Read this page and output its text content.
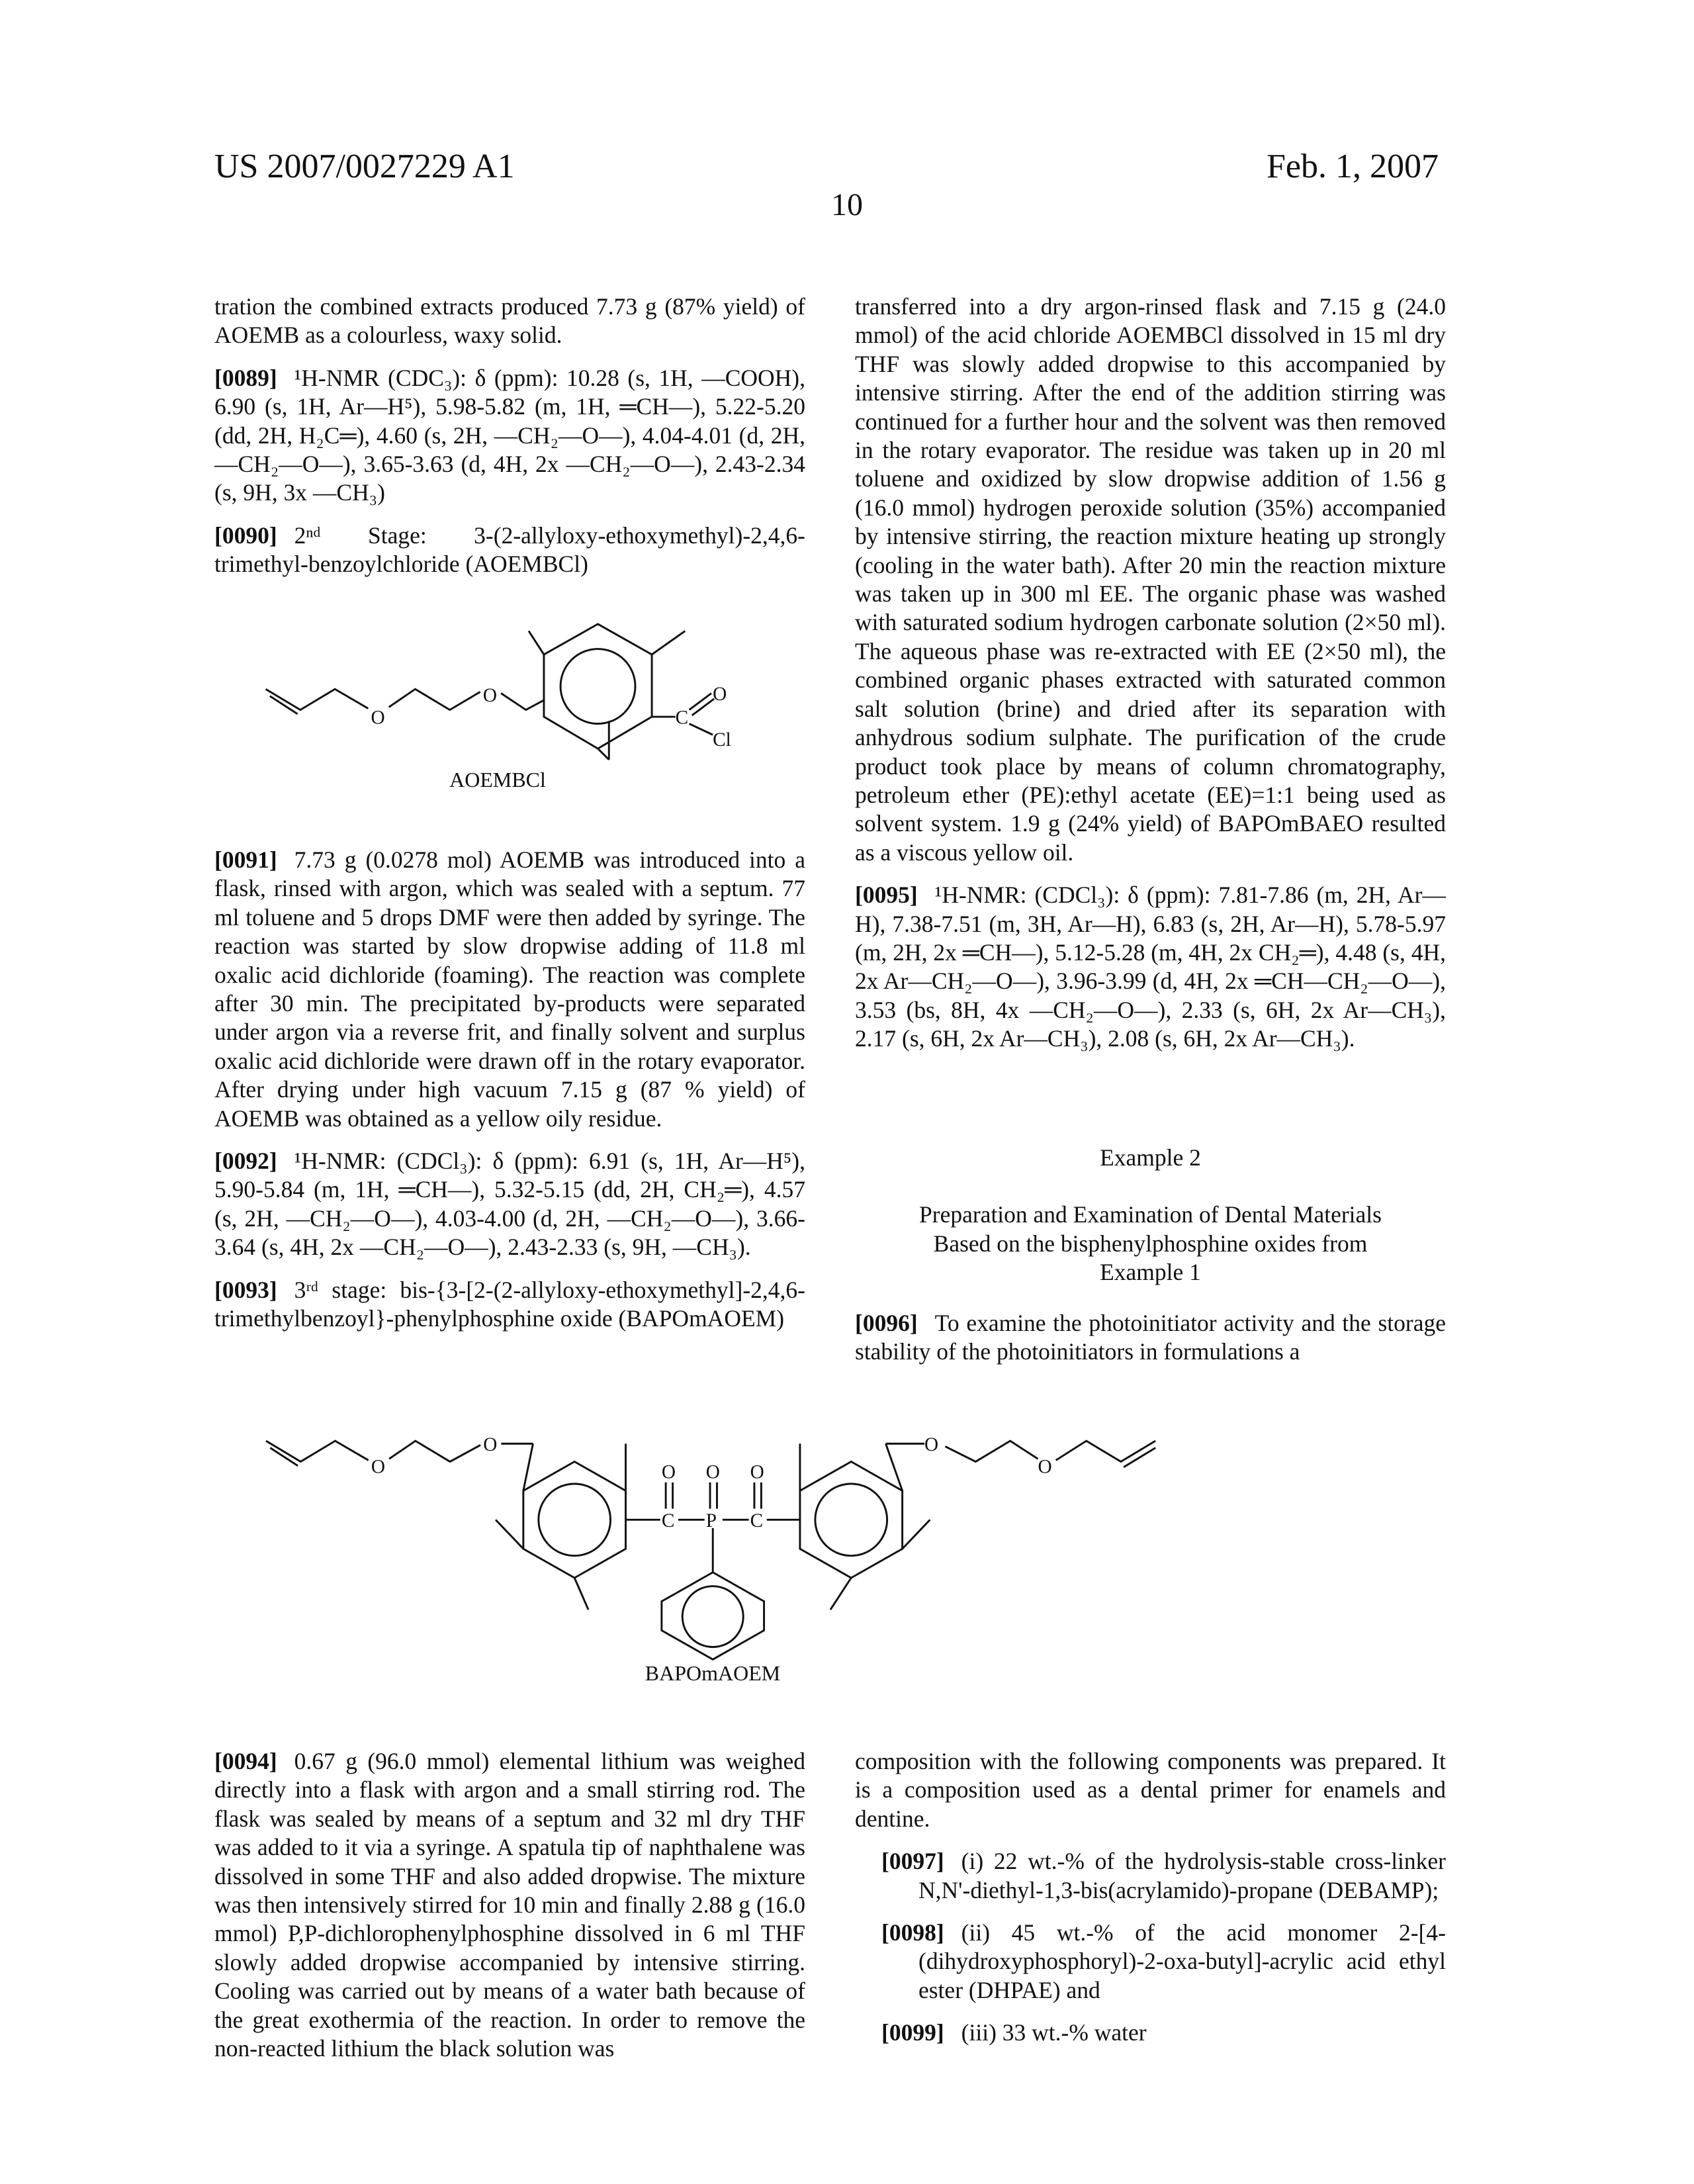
US 2007/0027229 A1	Feb. 1, 2007
10

tration the combined extracts produced 7.73 g (87% yield) of AOEMB as a colourless, waxy solid.

[0089] ¹H-NMR (CDC₃): δ (ppm): 10.28 (s, 1H, —COOH), 6.90 (s, 1H, Ar—H⁵), 5.98-5.82 (m, 1H, ═CH—), 5.22-5.20 (dd, 2H, H₂C═), 4.60 (s, 2H, —CH₂—O—), 4.04-4.01 (d, 2H, —CH₂—O—), 3.65-3.63 (d, 4H, 2x —CH₂—O—), 2.43-2.34 (s, 9H, 3x —CH₃)

[0090] 2ⁿᵈ Stage: 3-(2-allyloxy-ethoxymethyl)-2,4,6-trimethyl-benzoylchloride (AOEMBCl)

O
O
C
O
Cl
AOEMBCl

[0091] 7.73 g (0.0278 mol) AOEMB was introduced into a flask, rinsed with argon, which was sealed with a septum. 77 ml toluene and 5 drops DMF were then added by syringe. The reaction was started by slow dropwise adding of 11.8 ml oxalic acid dichloride (foaming). The reaction was complete after 30 min. The precipitated by-products were separated under argon via a reverse frit, and finally solvent and surplus oxalic acid dichloride were drawn off in the rotary evaporator. After drying under high vacuum 7.15 g (87 % yield) of AOEMB was obtained as a yellow oily residue.

[0092] ¹H-NMR: (CDCl₃): δ (ppm): 6.91 (s, 1H, Ar—H⁵), 5.90-5.84 (m, 1H, ═CH—), 5.32-5.15 (dd, 2H, CH₂═), 4.57 (s, 2H, —CH₂—O—), 4.03-4.00 (d, 2H, —CH₂—O—), 3.66-3.64 (s, 4H, 2x —CH₂—O—), 2.43-2.33 (s, 9H, —CH₃).

[0093] 3ʳᵈ stage: bis-{3-[2-(2-allyloxy-ethoxymethyl]-2,4,6-trimethylbenzoyl}-phenylphosphine oxide (BAPOmAOEM)

transferred into a dry argon-rinsed flask and 7.15 g (24.0 mmol) of the acid chloride AOEMBCl dissolved in 15 ml dry THF was slowly added dropwise to this accompanied by intensive stirring. After the end of the addition stirring was continued for a further hour and the solvent was then removed in the rotary evaporator. The residue was taken up in 20 ml toluene and oxidized by slow dropwise addition of 1.56 g (16.0 mmol) hydrogen peroxide solution (35%) accompanied by intensive stirring, the reaction mixture heating up strongly (cooling in the water bath). After 20 min the reaction mixture was taken up in 300 ml EE. The organic phase was washed with saturated sodium hydrogen carbonate solution (2×50 ml). The aqueous phase was re-extracted with EE (2×50 ml), the combined organic phases extracted with saturated common salt solution (brine) and dried after its separation with anhydrous sodium sulphate. The purification of the crude product took place by means of column chromatography, petroleum ether (PE):ethyl acetate (EE)=1:1 being used as solvent system. 1.9 g (24% yield) of BAPOmBAEO resulted as a viscous yellow oil.

[0095] ¹H-NMR: (CDCl₃): δ (ppm): 7.81-7.86 (m, 2H, Ar—H), 7.38-7.51 (m, 3H, Ar—H), 6.83 (s, 2H, Ar—H), 5.78-5.97 (m, 2H, 2x ═CH—), 5.12-5.28 (m, 4H, 2x CH₂═), 4.48 (s, 4H, 2x Ar—CH₂—O—), 3.96-3.99 (d, 4H, 2x ═CH—CH₂—O—), 3.53 (bs, 8H, 4x —CH₂—O—), 2.33 (s, 6H, 2x Ar—CH₃), 2.17 (s, 6H, 2x Ar—CH₃), 2.08 (s, 6H, 2x Ar—CH₃).

Example 2
Preparation and Examination of Dental Materials
Based on the bisphenylphosphine oxides from
Example 1

[0096] To examine the photoinitiator activity and the storage stability of the photoinitiators in formulations a

O
O	O
O
O	O	O
C	P	C
BAPOmAOEM

[0094] 0.67 g (96.0 mmol) elemental lithium was weighed directly into a flask with argon and a small stirring rod. The flask was sealed by means of a septum and 32 ml dry THF was added to it via a syringe. A spatula tip of naphthalene was dissolved in some THF and also added dropwise. The mixture was then intensively stirred for 10 min and finally 2.88 g (16.0 mmol) P,P-dichlorophenylphosphine dissolved in 6 ml THF slowly added dropwise accompanied by intensive stirring. Cooling was carried out by means of a water bath because of the great exothermia of the reaction. In order to remove the non-reacted lithium the black solution was

composition with the following components was prepared. It is a composition used as a dental primer for enamels and dentine.

[0097] (i) 22 wt.-% of the hydrolysis-stable cross-linker N,N'-diethyl-1,3-bis(acrylamido)-propane (DEBAMP);

[0098] (ii) 45 wt.-% of the acid monomer 2-[4-(dihydroxyphosphoryl)-2-oxa-butyl]-acrylic acid ethyl ester (DHPAE) and

[0099] (iii) 33 wt.-% water
